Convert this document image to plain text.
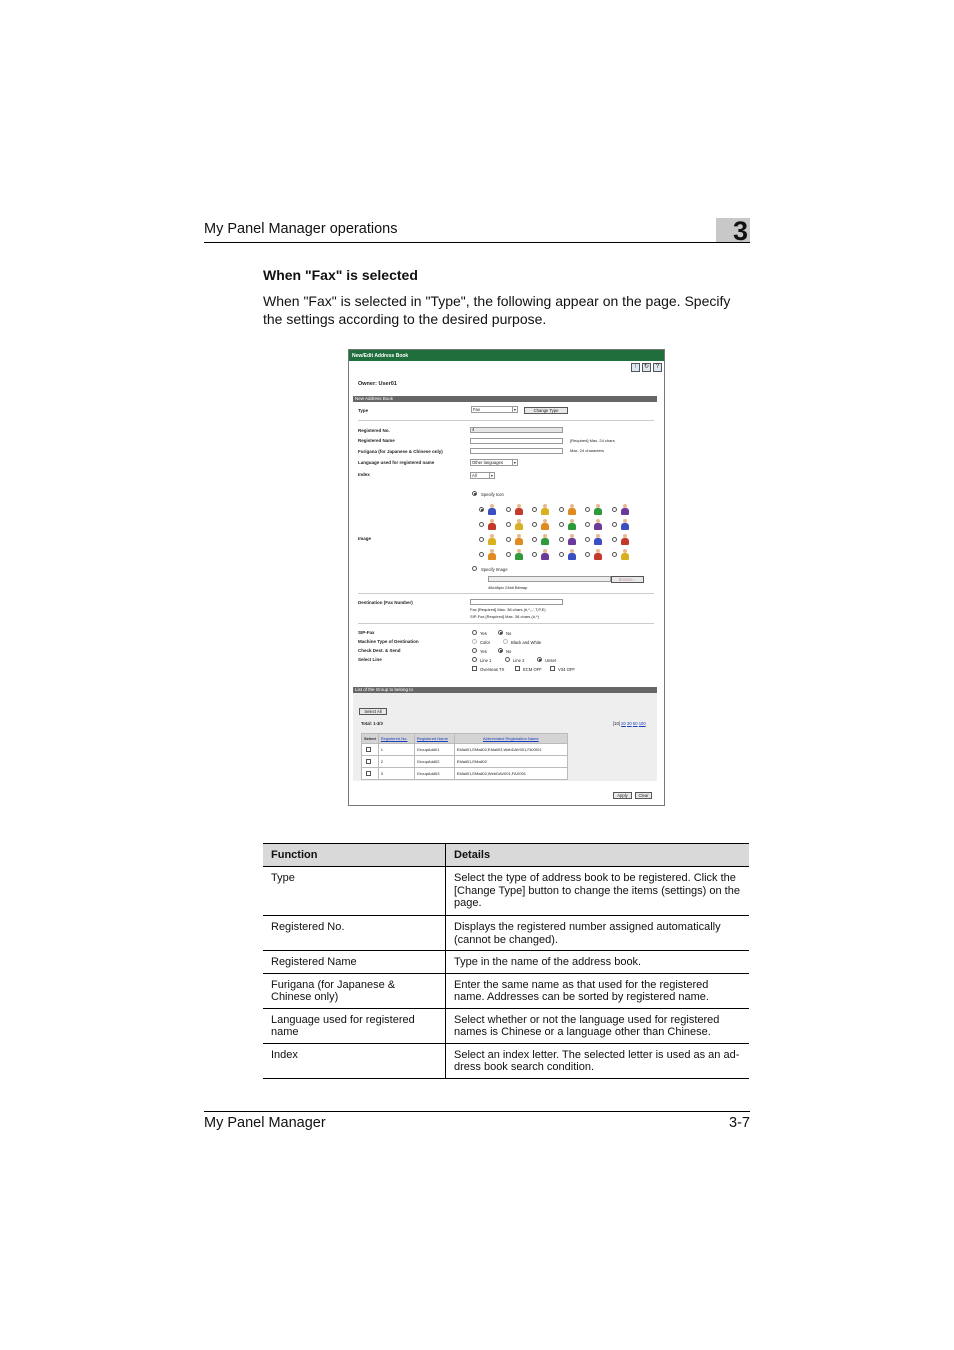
My Panel Manager operations	3
When "Fax" is selected
When "Fax" is selected in "Type", the following appear on the page. Specify the settings according to the desired purpose.
New/Edit Address Book
↑	↻	?
Owner: User01
New Address Book
Type	Fax	▾	Change Type
Registered No.	4
Registered Name	[Required] Max. 24 chars
Furigana (for Japanese & Chinese only)	Max. 24 characters
Language used for registered name	Other languages	▾
Index	All	▾
Specify Icon
Image
Specify Image
Browse...
48x48pix 24bit Bitmap
Destination (Fax Number)
Fax [Required] Max. 38 chars (#,*,-,',T,P,E)
SIP-Fax [Required] Max. 38 chars (#,*)
SIP-Fax	Yes	No
Machine Type of Destination	Color	Black and White
Check Dest. & Send	Yes	No
Select Line	Line 1	Line 2	Unset
Overseas TX	ECM OFF	V34 OFF
List of the Group to belong to
Select All
Total: 1-3/3	[10] 20 30 50 100
Select	Registered No.	Registered Name	Abbreviated Registration Name
	1	GroupAdd01	EMail01,EMail02,EMail03,WebDAV001,FAX001
	2	GroupAdd02	EMail01,EMail02
	3	GroupAdd03	EMail01,EMail02,WebDAV001,FAX001
Apply	Clear
Function	Details
Type	Select the type of address book to be registered. Click the [Change Type] button to change the items (settings) on the page.
Registered No.	Displays the registered number assigned automatically (cannot be changed).
Registered Name	Type in the name of the address book.
Furigana (for Japanese & Chinese only)	Enter the same name as that used for the registered name. Addresses can be sorted by registered name.
Language used for registered name	Select whether or not the language used for registered names is Chinese or a language other than Chinese.
Index	Select an index letter. The selected letter is used as an ad-dress book search condition.
My Panel Manager	3-7
